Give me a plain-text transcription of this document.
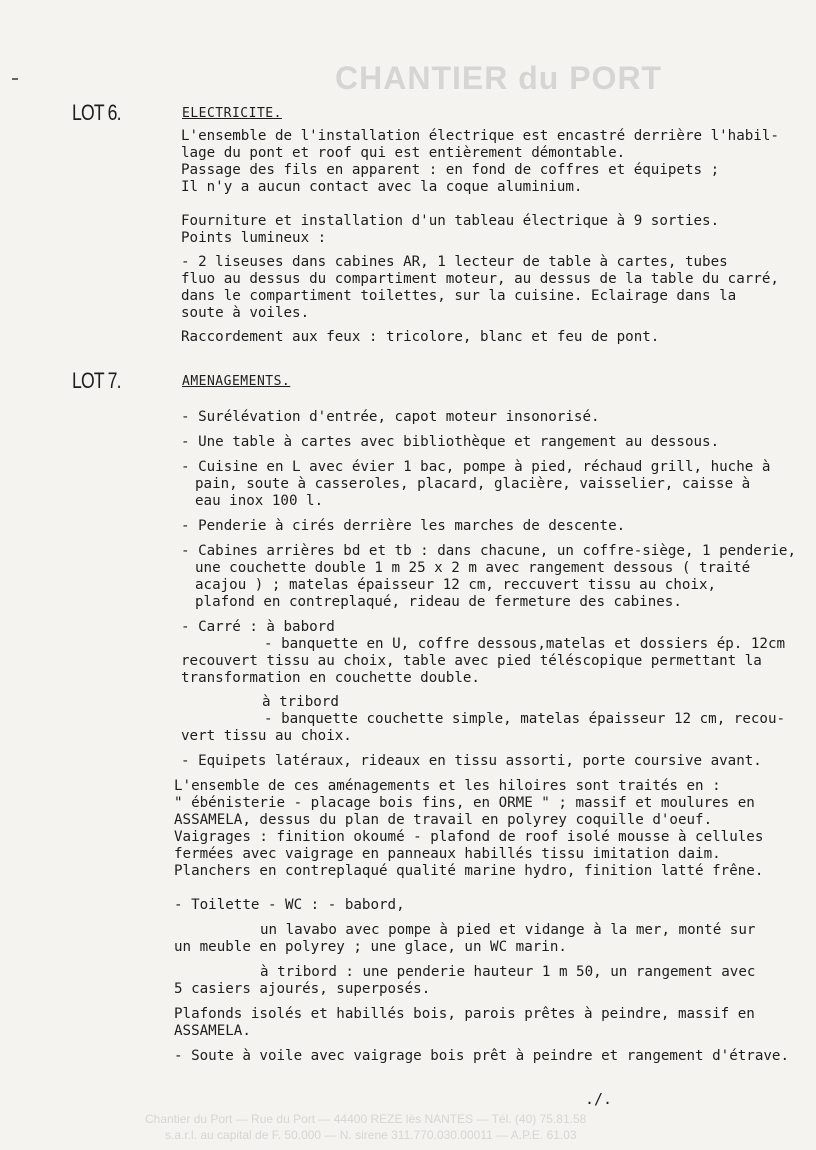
CHANTIER du PORT
Chantier du Port — Rue du Port — 44400 REZE lès NANTES — Tél. (40) 75.81.58
s.a.r.l. au capital de F. 50.000 — N. sirene 311.770.030.00011 — A.P.E. 61.03
LOT 6.	ELECTRICITE.
L'ensemble de l'installation électrique est encastré derrière l'habil-
lage du pont et roof qui est entièrement démontable.
Passage des fils en apparent : en fond de coffres et équipets ;
Il n'y a aucun contact avec la coque aluminium.
Fourniture et installation d'un tableau électrique à 9 sorties.
Points lumineux :
- 2 liseuses dans cabines AR, 1 lecteur de table à cartes, tubes
fluo au dessus du compartiment moteur, au dessus de la table du carré,
dans le compartiment toilettes, sur la cuisine. Eclairage dans la
soute à voiles.
Raccordement aux feux : tricolore, blanc et feu de pont.
LOT 7.	AMENAGEMENTS.
- Surélévation d'entrée, capot moteur insonorisé.
- Une table à cartes avec bibliothèque et rangement au dessous.
- Cuisine en L avec évier 1 bac, pompe à pied, réchaud grill, huche à
pain, soute à casseroles, placard, glacière, vaisselier, caisse à
eau inox 100 l.
- Penderie à cirés derrière les marches de descente.
- Cabines arrières bd et tb : dans chacune, un coffre-siège, 1 penderie,
une couchette double 1 m 25 x 2 m avec rangement dessous ( traité
acajou ) ; matelas épaisseur 12 cm, reccuvert tissu au choix,
plafond en contreplaqué, rideau de fermeture des cabines.
- Carré : à babord
- banquette en U, coffre dessous,matelas et dossiers ép. 12cm
recouvert tissu au choix, table avec pied téléscopique permettant la
transformation en couchette double.
à tribord
- banquette couchette simple, matelas épaisseur 12 cm, recou-
vert tissu au choix.
- Equipets latéraux, rideaux en tissu assorti, porte coursive avant.
L'ensemble de ces aménagements et les hiloires sont traités en :
" ébénisterie - placage bois fins, en ORME " ; massif et moulures en
ASSAMELA, dessus du plan de travail en polyrey coquille d'oeuf.
Vaigrages : finition okoumé - plafond de roof isolé mousse à cellules
fermées avec vaigrage en panneaux habillés tissu imitation daim.
Planchers en contreplaqué qualité marine hydro, finition latté frêne.
- Toilette - WC : - babord,
un lavabo avec pompe à pied et vidange à la mer, monté sur
un meuble en polyrey ; une glace, un WC marin.
à tribord : une penderie hauteur 1 m 50, un rangement avec
5 casiers ajourés, superposés.
Plafonds isolés et habillés bois, parois prêtes à peindre, massif en
ASSAMELA.
- Soute à voile avec vaigrage bois prêt à peindre et rangement d'étrave.
./.
